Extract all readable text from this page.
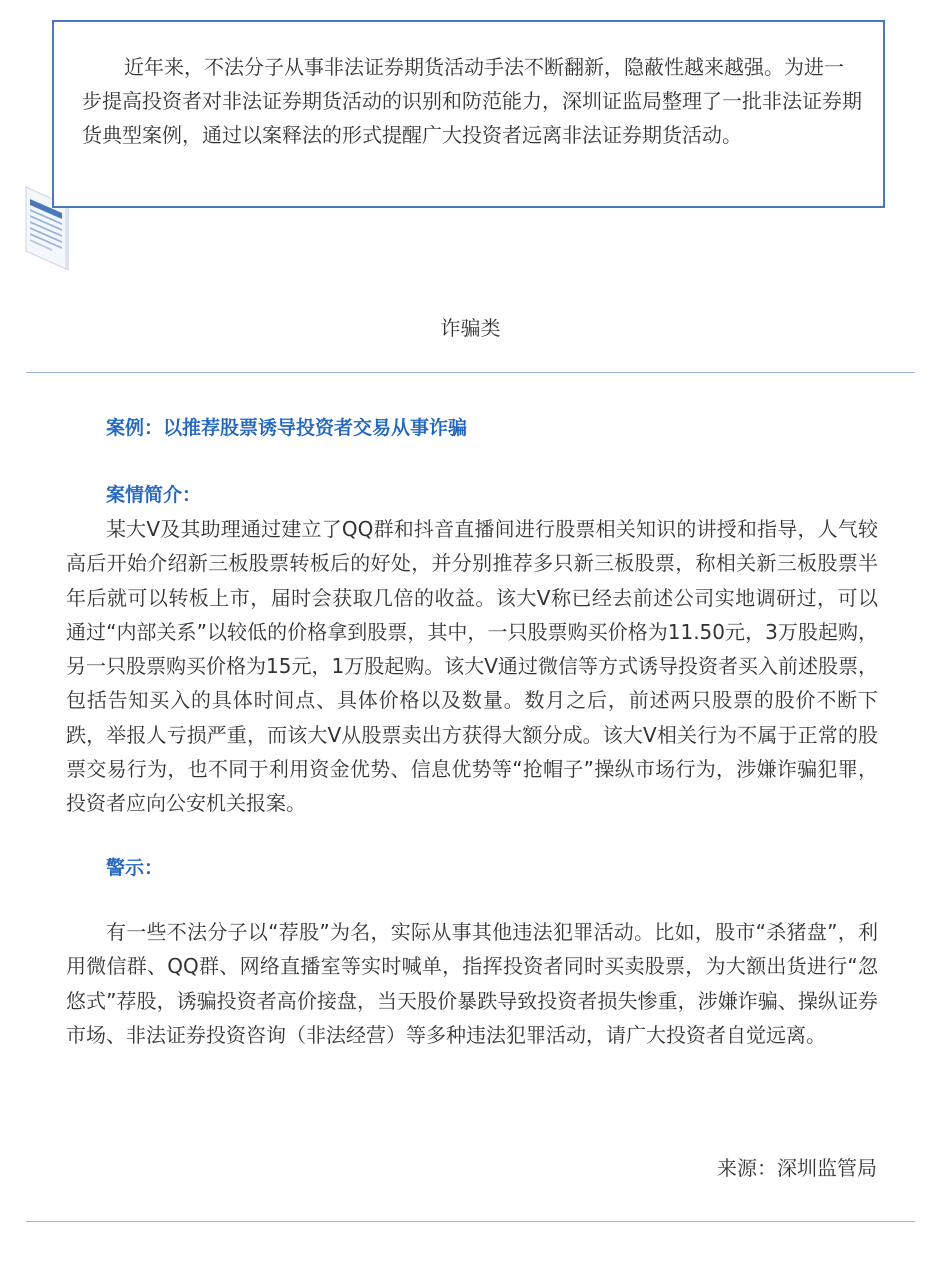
近年来，不法分子从事非法证券期货活动手法不断翻新，隐蔽性越来越强。为进一步提高投资者对非法证券期货活动的识别和防范能力，深圳证监局整理了一批非法证券期货典型案例，通过以案释法的形式提醒广大投资者远离非法证券期货活动。

诈骗类
案例：以推荐股票诱导投资者交易从事诈骗
案情简介：

某大V及其助理通过建立了QQ群和抖音直播间进行股票相关知识的讲授和指导，人气较高后开始介绍新三板股票转板后的好处，并分别推荐多只新三板股票，称相关新三板股票半年后就可以转板上市，届时会获取几倍的收益。该大V称已经去前述公司实地调研过，可以通过“内部关系”以较低的价格拿到股票，其中，一只股票购买价格为11.50元，3万股起购，另一只股票购买价格为15元，1万股起购。该大V通过微信等方式诱导投资者买入前述股票，包括告知买入的具体时间点、具体价格以及数量。数月之后，前述两只股票的股价不断下跌，举报人亏损严重，而该大V从股票卖出方获得大额分成。该大V相关行为不属于正常的股票交易行为，也不同于利用资金优势、信息优势等“抢帽子”操纵市场行为，涉嫌诈骗犯罪，投资者应向公安机关报案。

警示：

有一些不法分子以“荐股”为名，实际从事其他违法犯罪活动。比如，股市“杀猪盘”，利用微信群、QQ群、网络直播室等实时喊单，指挥投资者同时买卖股票，为大额出货进行“忽悠式”荐股，诱骗投资者高价接盘，当天股价暴跌导致投资者损失惨重，涉嫌诈骗、操纵证券市场、非法证券投资咨询（非法经营）等多种违法犯罪活动，请广大投资者自觉远离。

来源：深圳监管局
